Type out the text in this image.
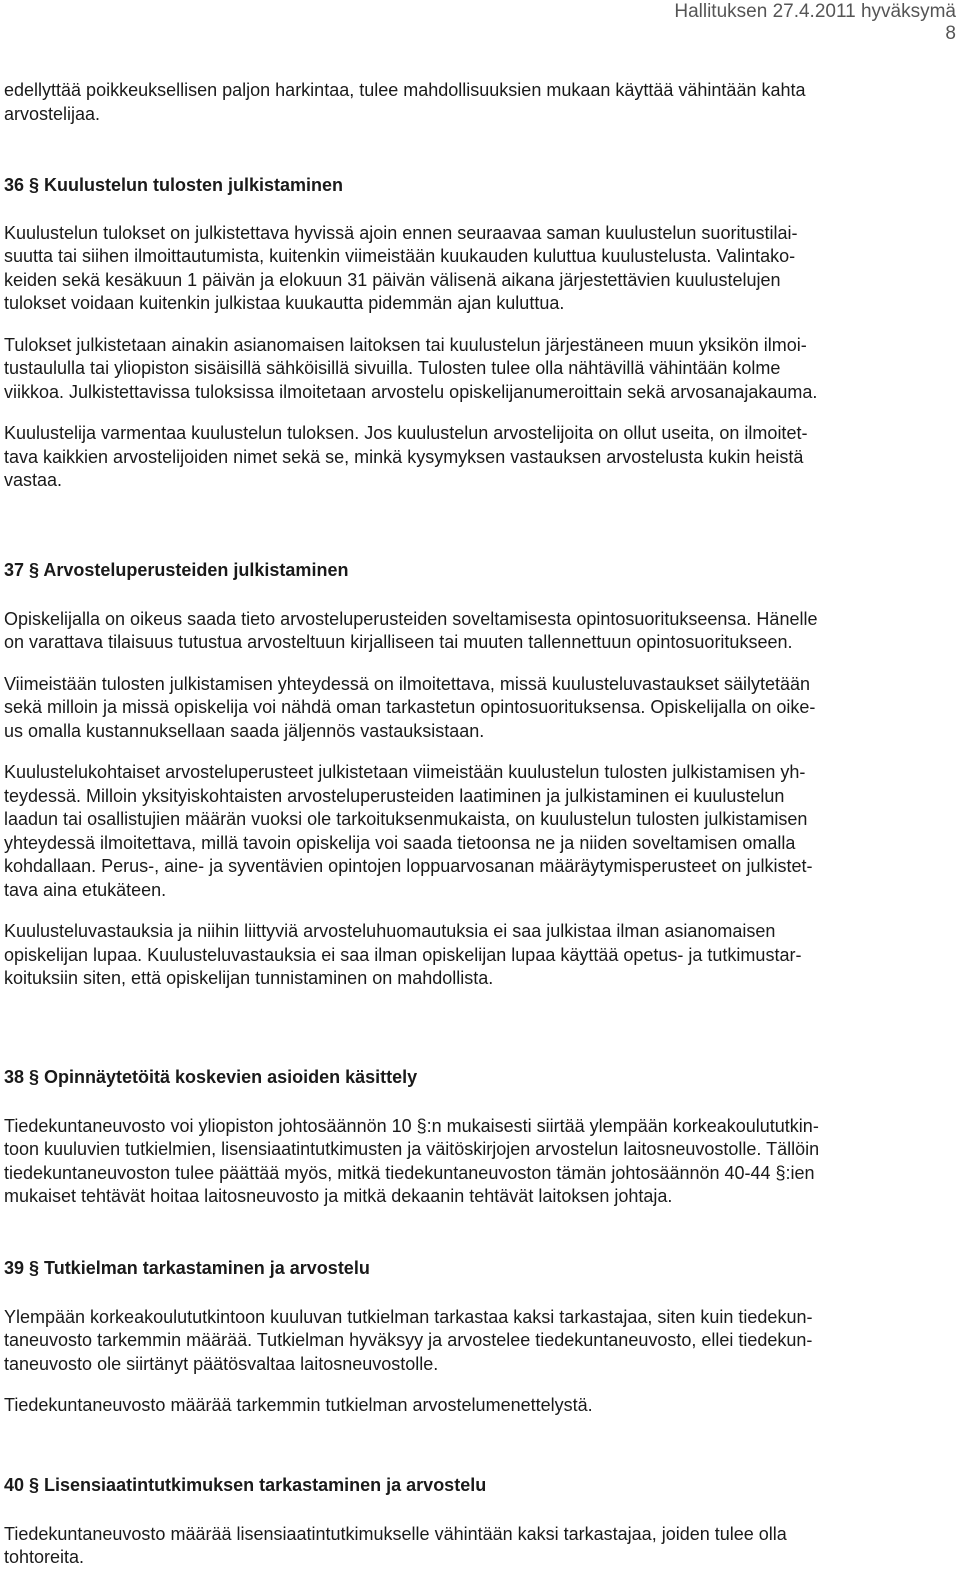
Hallituksen 27.4.2011 hyväksymä
8

edellyttää poikkeuksellisen paljon harkintaa, tulee mahdollisuuksien mukaan käyttää vähintään kahta

arvostelijaa.

36 § Kuulustelun tulosten julkistaminen

Kuulustelun tulokset on julkistettava hyvissä ajoin ennen seuraavaa saman kuulustelun suoritustilai-

suutta tai siihen ilmoittautumista, kuitenkin viimeistään kuukauden kuluttua kuulustelusta. Valintako-

keiden sekä kesäkuun 1 päivän ja elokuun 31 päivän välisenä aikana järjestettävien kuulustelujen

tulokset voidaan kuitenkin julkistaa kuukautta pidemmän ajan kuluttua.

Tulokset julkistetaan ainakin asianomaisen laitoksen tai kuulustelun järjestäneen muun yksikön ilmoi-

tustaululla tai yliopiston sisäisillä sähköisillä sivuilla. Tulosten tulee olla nähtävillä vähintään kolme

viikkoa. Julkistettavissa tuloksissa ilmoitetaan arvostelu opiskelijanumeroittain sekä arvosanajakauma.

Kuulustelija varmentaa kuulustelun tuloksen. Jos kuulustelun arvostelijoita on ollut useita, on ilmoitet-

tava kaikkien arvostelijoiden nimet sekä se, minkä kysymyksen vastauksen arvostelusta kukin heistä

vastaa.

37 § Arvosteluperusteiden julkistaminen

Opiskelijalla on oikeus saada tieto arvosteluperusteiden soveltamisesta opintosuoritukseensa. Hänelle

on varattava tilaisuus tutustua arvosteltuun kirjalliseen tai muuten tallennettuun opintosuoritukseen.

Viimeistään tulosten julkistamisen yhteydessä on ilmoitettava, missä kuulusteluvastaukset säilytetään

sekä milloin ja missä opiskelija voi nähdä oman tarkastetun opintosuorituksensa. Opiskelijalla on oike-

us omalla kustannuksellaan saada jäljennös vastauksistaan.

Kuulustelukohtaiset arvosteluperusteet julkistetaan viimeistään kuulustelun tulosten julkistamisen yh-

teydessä. Milloin yksityiskohtaisten arvosteluperusteiden laatiminen ja julkistaminen ei kuulustelun

laadun tai osallistujien määrän vuoksi ole tarkoituksenmukaista, on kuulustelun tulosten julkistamisen

yhteydessä ilmoitettava, millä tavoin opiskelija voi saada tietoonsa ne ja niiden soveltamisen omalla

kohdallaan. Perus-, aine- ja syventävien opintojen loppuarvosanan määräytymisperusteet on julkistet-

tava aina etukäteen.

Kuulusteluvastauksia ja niihin liittyviä arvosteluhuomautuksia ei saa julkistaa ilman asianomaisen

opiskelijan lupaa. Kuulusteluvastauksia ei saa ilman opiskelijan lupaa käyttää opetus- ja tutkimustar-

koituksiin siten, että opiskelijan tunnistaminen on mahdollista.

38 § Opinnäytetöitä koskevien asioiden käsittely

Tiedekuntaneuvosto voi yliopiston johtosäännön 10 §:n mukaisesti siirtää ylempään korkeakoulututkin-

toon kuuluvien tutkielmien, lisensiaatintutkimusten ja väitöskirjojen arvostelun laitosneuvostolle. Tällöin

tiedekuntaneuvoston tulee päättää myös, mitkä tiedekuntaneuvoston tämän johtosäännön 40-44 §:ien

mukaiset tehtävät hoitaa laitosneuvosto ja mitkä dekaanin tehtävät laitoksen johtaja.

39 § Tutkielman tarkastaminen ja arvostelu

Ylempään korkeakoulututkintoon kuuluvan tutkielman tarkastaa kaksi tarkastajaa, siten kuin tiedekun-

taneuvosto tarkemmin määrää. Tutkielman hyväksyy ja arvostelee tiedekuntaneuvosto, ellei tiedekun-

taneuvosto ole siirtänyt päätösvaltaa laitosneuvostolle.

Tiedekuntaneuvosto määrää tarkemmin tutkielman arvostelumenettelystä.

40 § Lisensiaatintutkimuksen tarkastaminen ja arvostelu

Tiedekuntaneuvosto määrää lisensiaatintutkimukselle vähintään kaksi tarkastajaa, joiden tulee olla

tohtoreita.
